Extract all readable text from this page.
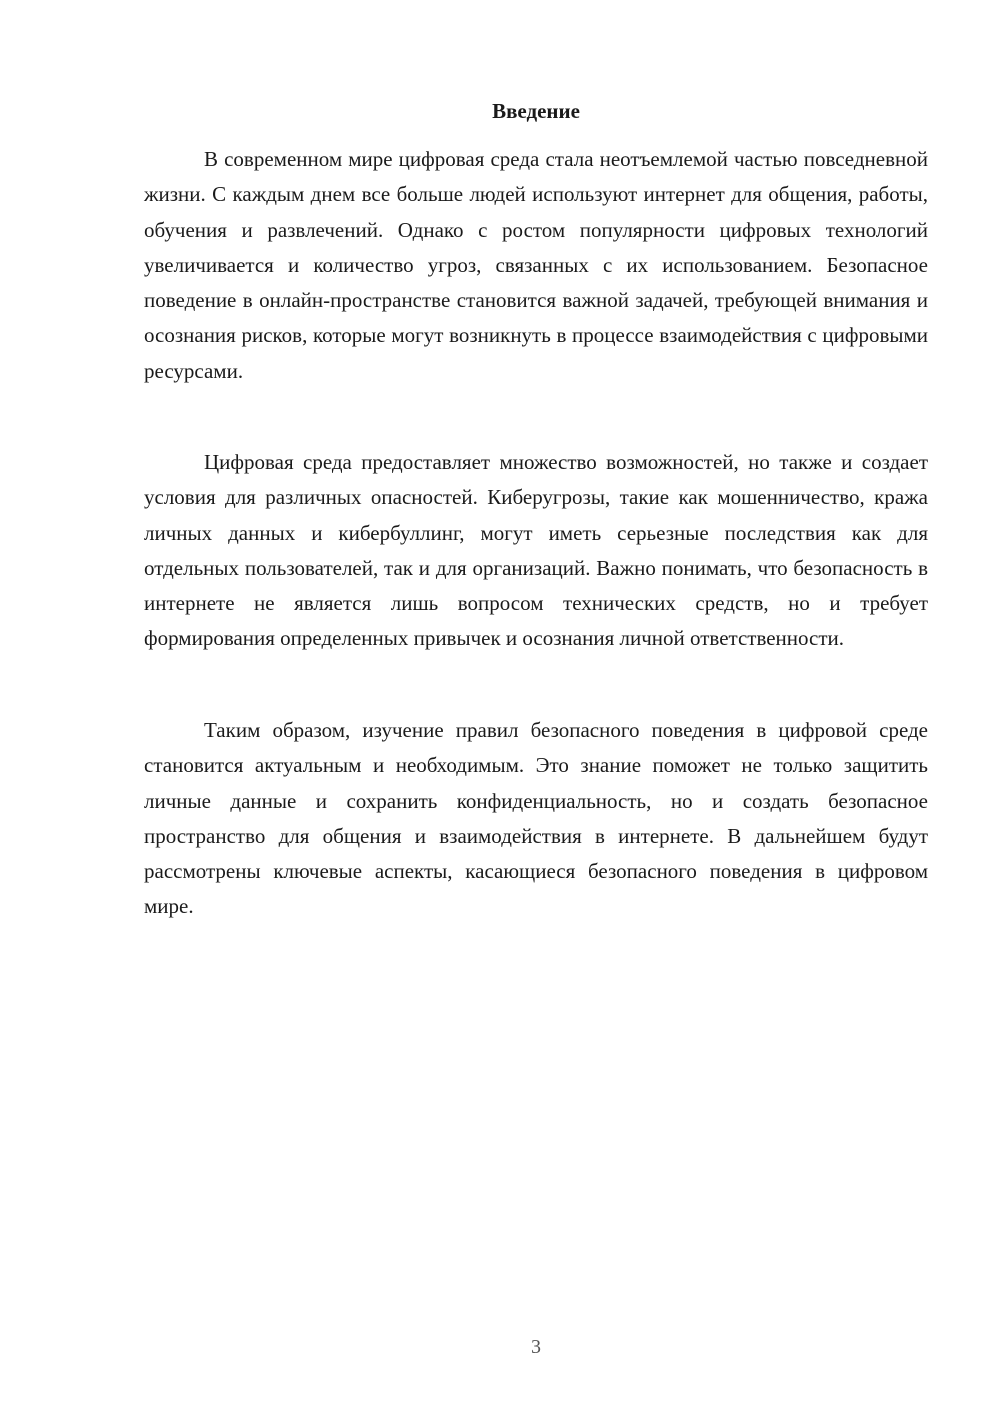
Введение

В современном мире цифровая среда стала неотъемлемой частью повседневной жизни. С каждым днем все больше людей используют интернет для общения, работы, обучения и развлечений. Однако с ростом популярности цифровых технологий увеличивается и количество угроз, связанных с их использованием. Безопасное поведение в онлайн-пространстве становится важной задачей, требующей внимания и осознания рисков, которые могут возникнуть в процессе взаимодействия с цифровыми ресурсами.

Цифровая среда предоставляет множество возможностей, но также и создает условия для различных опасностей. Киберугрозы, такие как мошенничество, кража личных данных и кибербуллинг, могут иметь серьезные последствия как для отдельных пользователей, так и для организаций. Важно понимать, что безопасность в интернете не является лишь вопросом технических средств, но и требует формирования определенных привычек и осознания личной ответственности.

Таким образом, изучение правил безопасного поведения в цифровой среде становится актуальным и необходимым. Это знание поможет не только защитить личные данные и сохранить конфиденциальность, но и создать безопасное пространство для общения и взаимодействия в интернете. В дальнейшем будут рассмотрены ключевые аспекты, касающиеся безопасного поведения в цифровом мире.

3
